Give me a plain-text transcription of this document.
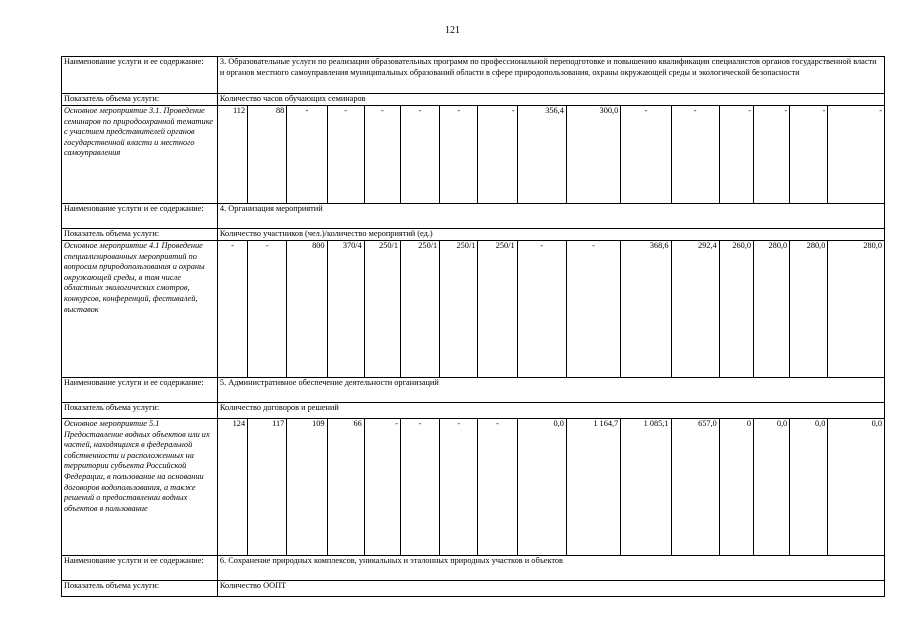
121
Наименование услуги и ее содержание:	3. Образовательные услуги по реализации образовательных программ по профессиональной переподготовке и повышению квалификации специалистов органов государственной власти и органов местного самоуправления муниципальных образований области в сфере природопользования, охраны окружающей среды и экологической безопасности															
Показатель объема услуги:	Количество часов обучающих семинаров															
Основное мероприятие 3.1. Проведение семинаров по природоохранной тематике с участием представителей органов государственной власти и местного самоуправления	112	88	-	-	-	-	-	-	356,4	300,0	-	-	-	-	-	-
Наименование услуги и ее содержание:	4. Организация мероприятий															
Показатель объема услуги:	Количество участников (чел.)/количество мероприятий (ед.)															
Основное мероприятие 4.1 Проведение специализированных мероприятий по вопросам природопользования и охраны окружающей среды, в том числе областных экологических смотров, конкурсов, конференций, фестивалей, выставок	-	-	800	370/4	250/1	250/1	250/1	250/1	-	-	368,6	292,4	260,0	280,0	280,0	280,0
Наименование услуги и ее содержание:	5. Административное обеспечение деятельности организаций															
Показатель объема услуги:	Количество договоров и решений															
Основное мероприятие 5.1 Предоставление водных объектов или их частей, находящихся в федеральной собственности и расположенных на территории субъекта Российской Федерации, в пользование на основании договоров водопользования, а также решений о предоставлении водных объектов в пользование	124	117	109	66	-	-	-	-	0,0	1 164,7	1 085,1	657,0	0	0,0	0,0	0,0
Наименование услуги и ее содержание:	6. Сохранение природных комплексов, уникальных и эталонных природных участков и объектов															
Показатель объема услуги:	Количество ООПТ															
